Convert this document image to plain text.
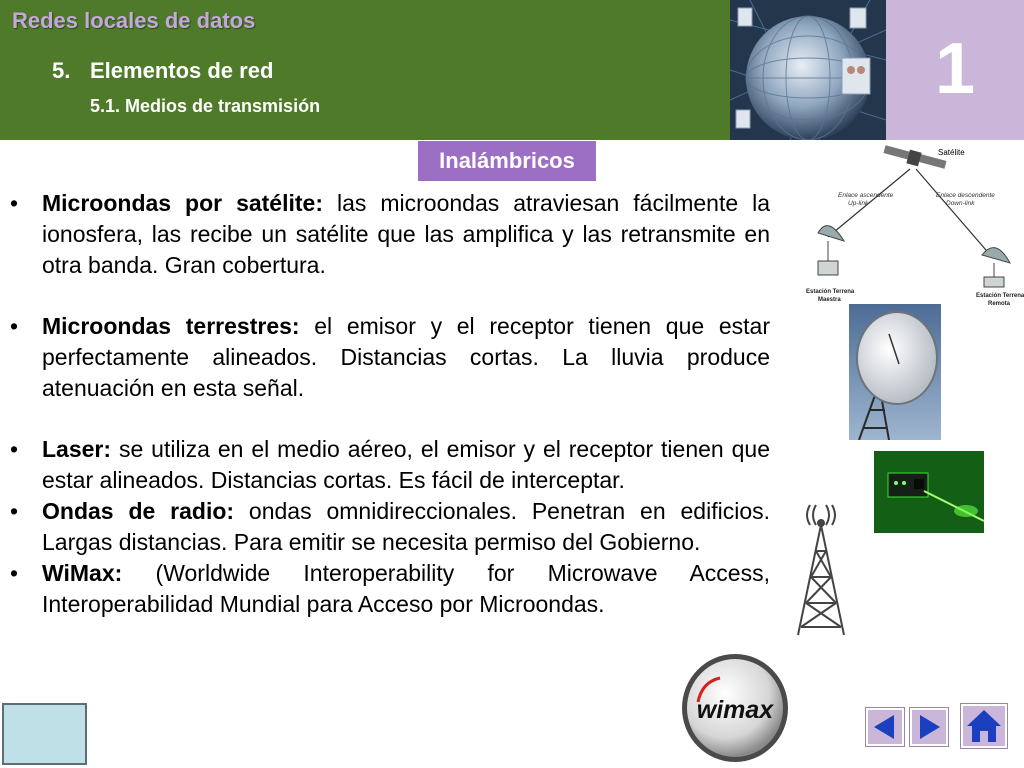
Redes locales de datos
5. Elementos de red
5.1. Medios de transmisión	1
Inalámbricos
• Microondas por satélite: las microondas atraviesan fácilmente la ionosfera, las recibe un satélite que las amplifica y las retransmite en otra banda. Gran cobertura.
• Microondas terrestres: el emisor y el receptor tienen que estar perfectamente alineados. Distancias cortas. La lluvia produce atenuación en esta señal.
• Laser: se utiliza en el medio aéreo, el emisor y el receptor tienen que estar alineados. Distancias cortas. Es fácil de interceptar.
• Ondas de radio: ondas omnidireccionales. Penetran en edificios. Largas distancias. Para emitir se necesita permiso del Gobierno.
• WiMax: (Worldwide Interoperability for Microwave Access, Interoperabilidad Mundial para Acceso por Microondas.
Satélite
Enlace ascendente
Up-link
Enlace descendente
Down-link
Estación Terrena
Maestra
Estación Terrena
Remota
wimax
